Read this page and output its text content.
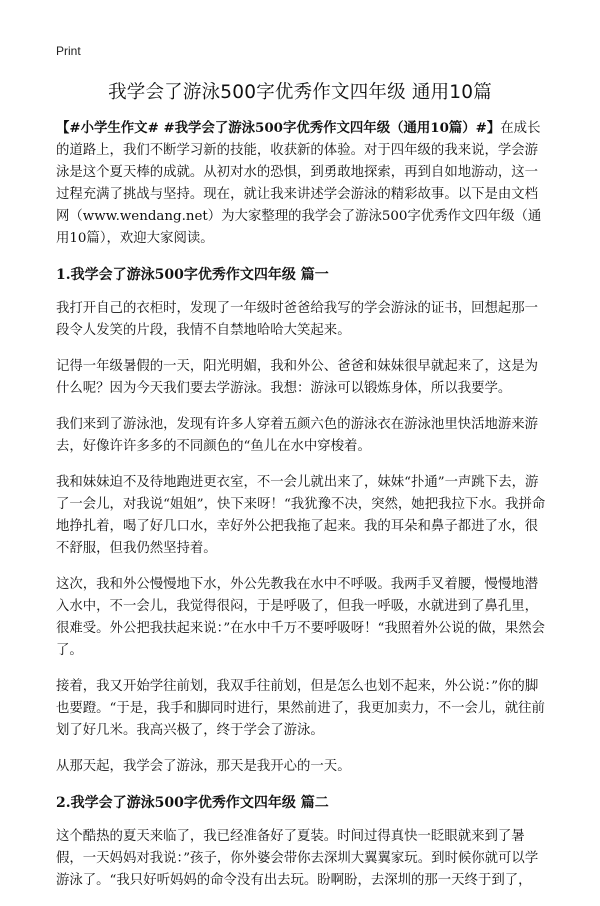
Print
我学会了游泳500字优秀作文四年级 通用10篇

【#小学生作文# #我学会了游泳500字优秀作文四年级（通用10篇）#】在成长的道路上，我们不断学习新的技能，收获新的体验。对于四年级的我来说，学会游泳是这个夏天棒的成就。从初对水的恐惧，到勇敢地探索，再到自如地游动，这一过程充满了挑战与坚持。现在，就让我来讲述学会游泳的精彩故事。以下是由文档网（www.wendang.net）为大家整理的我学会了游泳500字优秀作文四年级（通用10篇），欢迎大家阅读。

1.我学会了游泳500字优秀作文四年级 篇一

我打开自己的衣柜时，发现了一年级时爸爸给我写的学会游泳的证书，回想起那一段令人发笑的片段，我情不自禁地哈哈大笑起来。

记得一年级暑假的一天，阳光明媚，我和外公、爸爸和妹妹很早就起来了，这是为什么呢？因为今天我们要去学游泳。我想：游泳可以锻炼身体，所以我要学。

我们来到了游泳池，发现有许多人穿着五颜六色的游泳衣在游泳池里快活地游来游去，好像许许多多的不同颜色的“鱼儿在水中穿梭着。

我和妹妹迫不及待地跑进更衣室，不一会儿就出来了，妹妹“扑通”一声跳下去，游了一会儿，对我说“姐姐”，快下来呀！“我犹豫不决，突然，她把我拉下水。我拼命地挣扎着，喝了好几口水，幸好外公把我拖了起来。我的耳朵和鼻子都进了水，很不舒服，但我仍然坚持着。

这次，我和外公慢慢地下水，外公先教我在水中不呼吸。我两手叉着腰，慢慢地潜入水中，不一会儿，我觉得很闷，于是呼吸了，但我一呼吸，水就进到了鼻孔里，很难受。外公把我扶起来说：”在水中千万不要呼吸呀！“我照着外公说的做，果然会了。

接着，我又开始学往前划，我双手往前划，但是怎么也划不起来，外公说：”你的脚也要蹬。“于是，我手和脚同时进行，果然前进了，我更加卖力，不一会儿，就往前划了好几米。我高兴极了，终于学会了游泳。

从那天起，我学会了游泳，那天是我开心的一天。

2.我学会了游泳500字优秀作文四年级 篇二

这个酷热的夏天来临了，我已经准备好了夏装。时间过得真快一眨眼就来到了暑假，一天妈妈对我说：”孩子，你外婆会带你去深圳大翼翼家玩。到时候你就可以学游泳了。“我只好听妈妈的命令没有出去玩。盼啊盼，去深圳的那一天终于到了，
